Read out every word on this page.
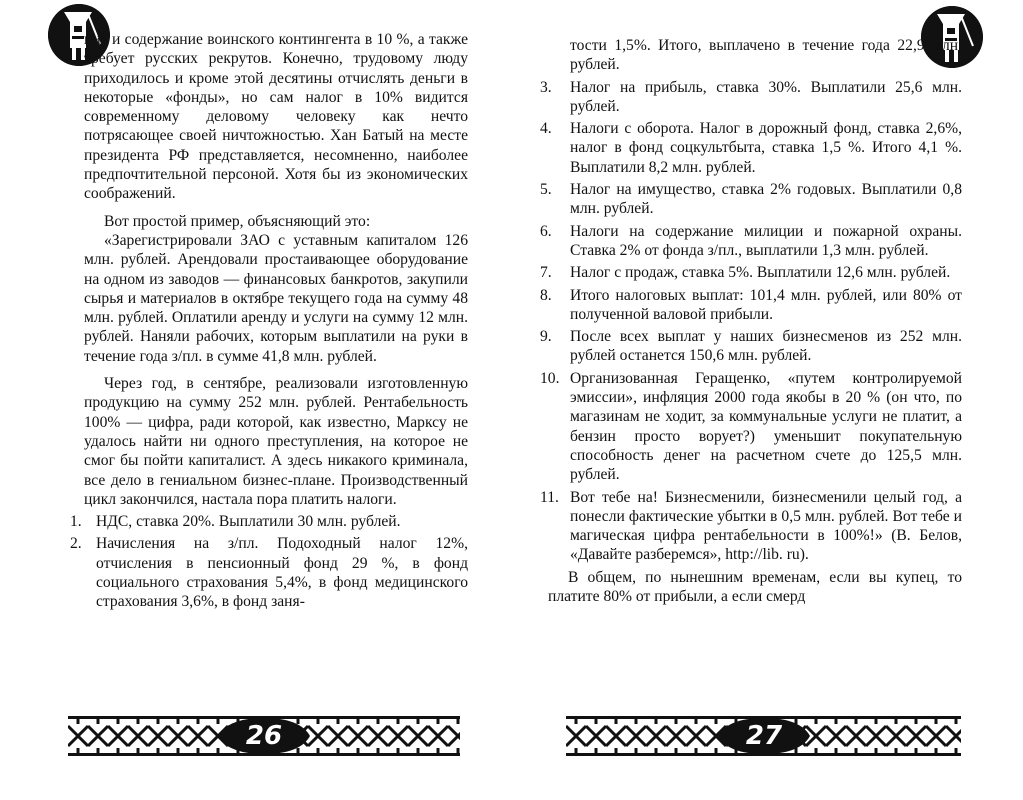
ние и содержание воинского контингента в 10 %, а также требует русских рекрутов. Конечно, трудовому люду приходилось и кроме этой десятины отчислять деньги в некоторые «фонды», но сам налог в 10% видится современному деловому человеку как нечто потрясающее своей ничтожностью. Хан Батый на месте президента РФ представляется, несомненно, наиболее предпочтительной персоной. Хотя бы из экономических соображений.

Вот простой пример, объясняющий это:

«Зарегистрировали ЗАО с уставным капиталом 126 млн. рублей. Арендовали простаивающее оборудование на одном из заводов — финансовых банкротов, закупили сырья и материалов в октябре текущего года на сумму 48 млн. рублей. Оплатили аренду и услуги на сумму 12 млн. рублей. Наняли рабочих, которым выплатили на руки в течение года з/пл. в сумме 41,8 млн. рублей.

Через год, в сентябре, реализовали изготовленную продукцию на сумму 252 млн. рублей. Рентабельность 100% — цифра, ради которой, как известно, Марксу не удалось найти ни одного преступления, на которое не смог бы пойти капиталист. А здесь никакого криминала, все дело в гениальном бизнес-плане. Производственный цикл закончился, настала пора платить налоги.

1. НДС, ставка 20%. Выплатили 30 млн. рублей.
2. Начисления на з/пл. Подоходный налог 12%, отчисления в пенсионный фонд 29 %, в фонд социального страхования 5,4%, в фонд медицинского страхования 3,6%, в фонд заня-
26

тости 1,5%. Итого, выплачено в течение года 22,9 млн. рублей.

3. Налог на прибыль, ставка 30%. Выплатили 25,6 млн. рублей.
4. Налоги с оборота. Налог в дорожный фонд, ставка 2,6%, налог в фонд соцкультбыта, ставка 1,5 %. Итого 4,1 %. Выплатили 8,2 млн. рублей.
5. Налог на имущество, ставка 2% годовых. Выплатили 0,8 млн. рублей.
6. Налоги на содержание милиции и пожарной охраны. Ставка 2% от фонда з/пл., выплатили 1,3 млн. рублей.
7. Налог с продаж, ставка 5%. Выплатили 12,6 млн. рублей.
8. Итого налоговых выплат: 101,4 млн. рублей, или 80% от полученной валовой прибыли.
9. После всех выплат у наших бизнесменов из 252 млн. рублей останется 150,6 млн. рублей.
10. Организованная Геращенко, «путем контролируемой эмиссии», инфляция 2000 года якобы в 20 % (он что, по магазинам не ходит, за коммунальные услуги не платит, а бензин просто ворует?) уменьшит покупательную способность денег на расчетном счете до 125,5 млн. рублей.
11. Вот тебе на! Бизнесменили, бизнесменили целый год, а понесли фактические убытки в 0,5 млн. рублей. Вот тебе и магическая цифра рентабельности в 100%!» (В. Белов, «Давайте разберемся», http://lib. ru).

В общем, по нынешним временам, если вы купец, то платите 80% от прибыли, а если смерд

27
